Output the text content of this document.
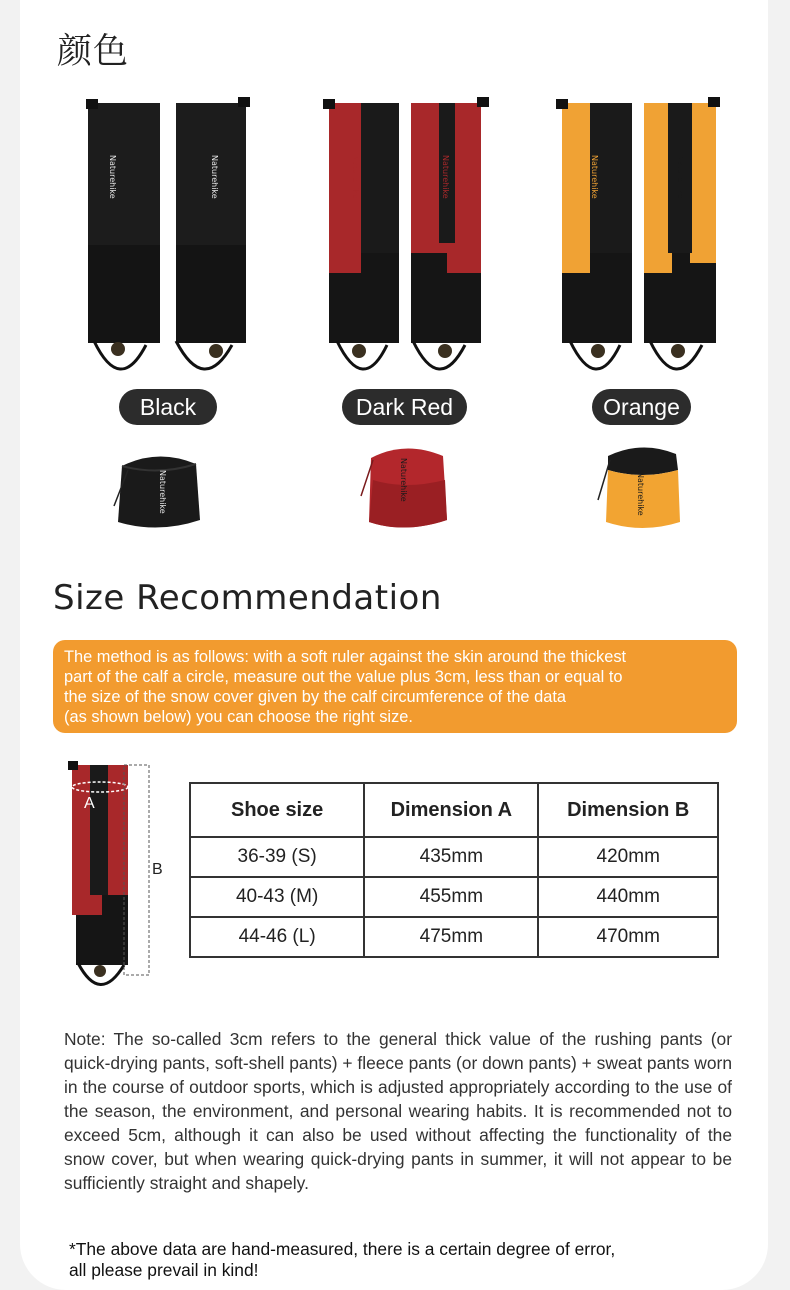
颜色
Naturehike	Naturehike	Naturehike	Naturehike	Naturehike	Naturehike
Black	Dark Red	Orange
Naturehike	Naturehike	Naturehike
Size Recommendation
The method is as follows: with a soft ruler against the skin around the thickest
part of the calf a circle, measure out the value plus 3cm, less than or equal to
the size of the snow cover given by the calf circumference of the data
(as shown below) you can choose the right size.
A
B
Shoe size	Dimension A	Dimension B
36-39 (S)	435mm	420mm
40-43 (M)	455mm	440mm
44-46 (L)	475mm	470mm
Note: The so-called 3cm refers to the general thick value of the rushing pants (or quick-drying pants, soft-shell pants) + fleece pants (or down pants) + sweat pants worn in the course of outdoor sports, which is adjusted appropriately according to the use of the season, the environment, and personal wearing habits. It is recommended not to exceed 5cm, although it can also be used without affecting the functionality of the snow cover, but when wearing quick-drying pants in summer, it will not appear to be sufficiently straight and shapely.
*The above data are hand-measured, there is a certain degree of error,
all please prevail in kind!
